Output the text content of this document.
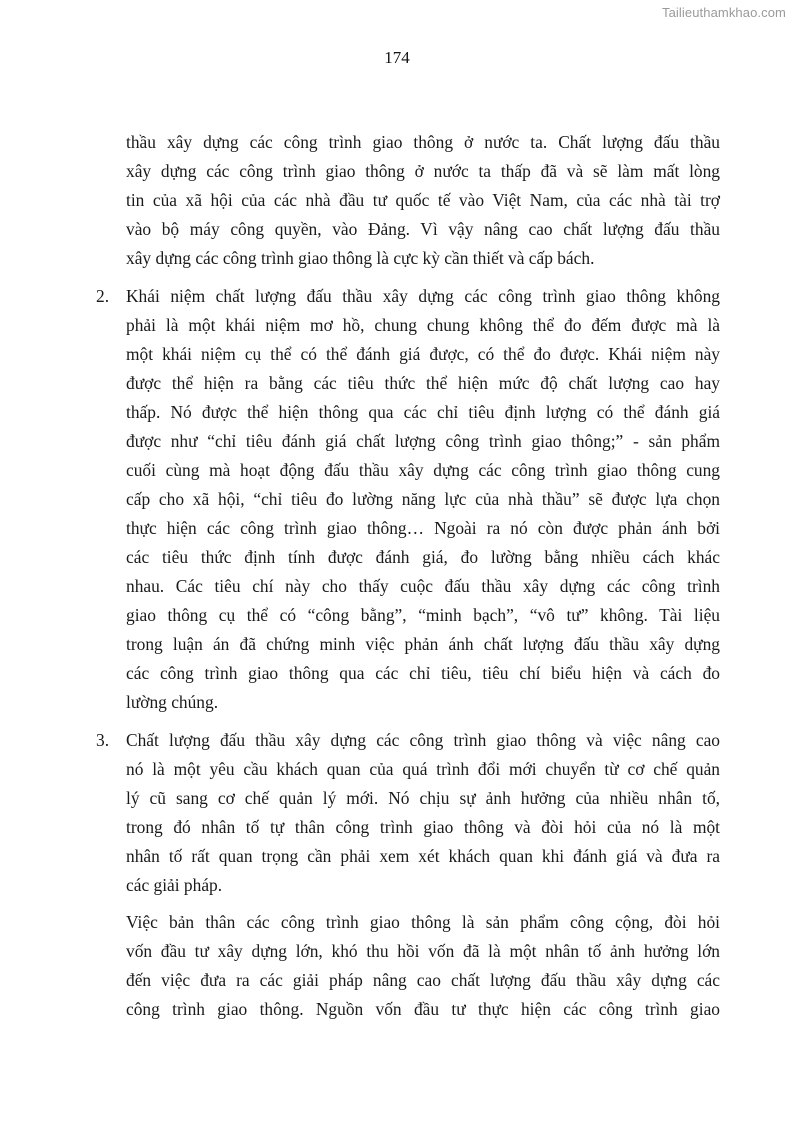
Tailieuthamkhao.com
174
thầu xây dựng các công trình giao thông ở nước ta. Chất lượng đấu thầu
xây dựng các công trình giao thông ở nước ta thấp đã và sẽ làm mất lòng
tin của xã hội của các nhà đầu tư quốc tế vào Việt Nam, của các nhà tài trợ
vào bộ máy công quyền, vào Đảng. Vì vậy nâng cao chất lượng đấu thầu
xây dựng các công trình giao thông là cực kỳ cần thiết và cấp bách.
2. Khái niệm chất lượng đấu thầu xây dựng các công trình giao thông không
phải là một khái niệm mơ hồ, chung chung không thể đo đếm được mà là
một khái niệm cụ thể có thể đánh giá được, có thể đo được. Khái niệm này
được thể hiện ra bằng các tiêu thức thể hiện mức độ chất lượng cao hay
thấp. Nó được thể hiện thông qua các chỉ tiêu định lượng có thể đánh giá
được như “chỉ tiêu đánh giá chất lượng công trình giao thông;” - sản phẩm
cuối cùng mà hoạt động đấu thầu xây dựng các công trình giao thông cung
cấp cho xã hội, “chỉ tiêu đo lường năng lực của nhà thầu” sẽ được lựa chọn
thực hiện các công trình giao thông… Ngoài ra nó còn được phản ánh bởi
các tiêu thức định tính được đánh giá, đo lường bằng nhiều cách khác
nhau. Các tiêu chí này cho thấy cuộc đấu thầu xây dựng các công trình
giao thông cụ thể có “công bằng”, “minh bạch”, “vô tư” không. Tài liệu
trong luận án đã chứng minh việc phản ánh chất lượng đấu thầu xây dựng
các công trình giao thông qua các chỉ tiêu, tiêu chí biểu hiện và cách đo
lường chúng.
3. Chất lượng đấu thầu xây dựng các công trình giao thông và việc nâng cao
nó là một yêu cầu khách quan của quá trình đổi mới chuyển từ cơ chế quản
lý cũ sang cơ chế quản lý mới. Nó chịu sự ảnh hưởng của nhiều nhân tố,
trong đó nhân tố tự thân công trình giao thông và đòi hỏi của nó là một
nhân tố rất quan trọng cần phải xem xét khách quan khi đánh giá và đưa ra
các giải pháp.
Việc bản thân các công trình giao thông là sản phẩm công cộng, đòi hỏi
vốn đầu tư xây dựng lớn, khó thu hồi vốn đã là một nhân tố ảnh hưởng lớn
đến việc đưa ra các giải pháp nâng cao chất lượng đấu thầu xây dựng các
công trình giao thông. Nguồn vốn đầu tư thực hiện các công trình giao
